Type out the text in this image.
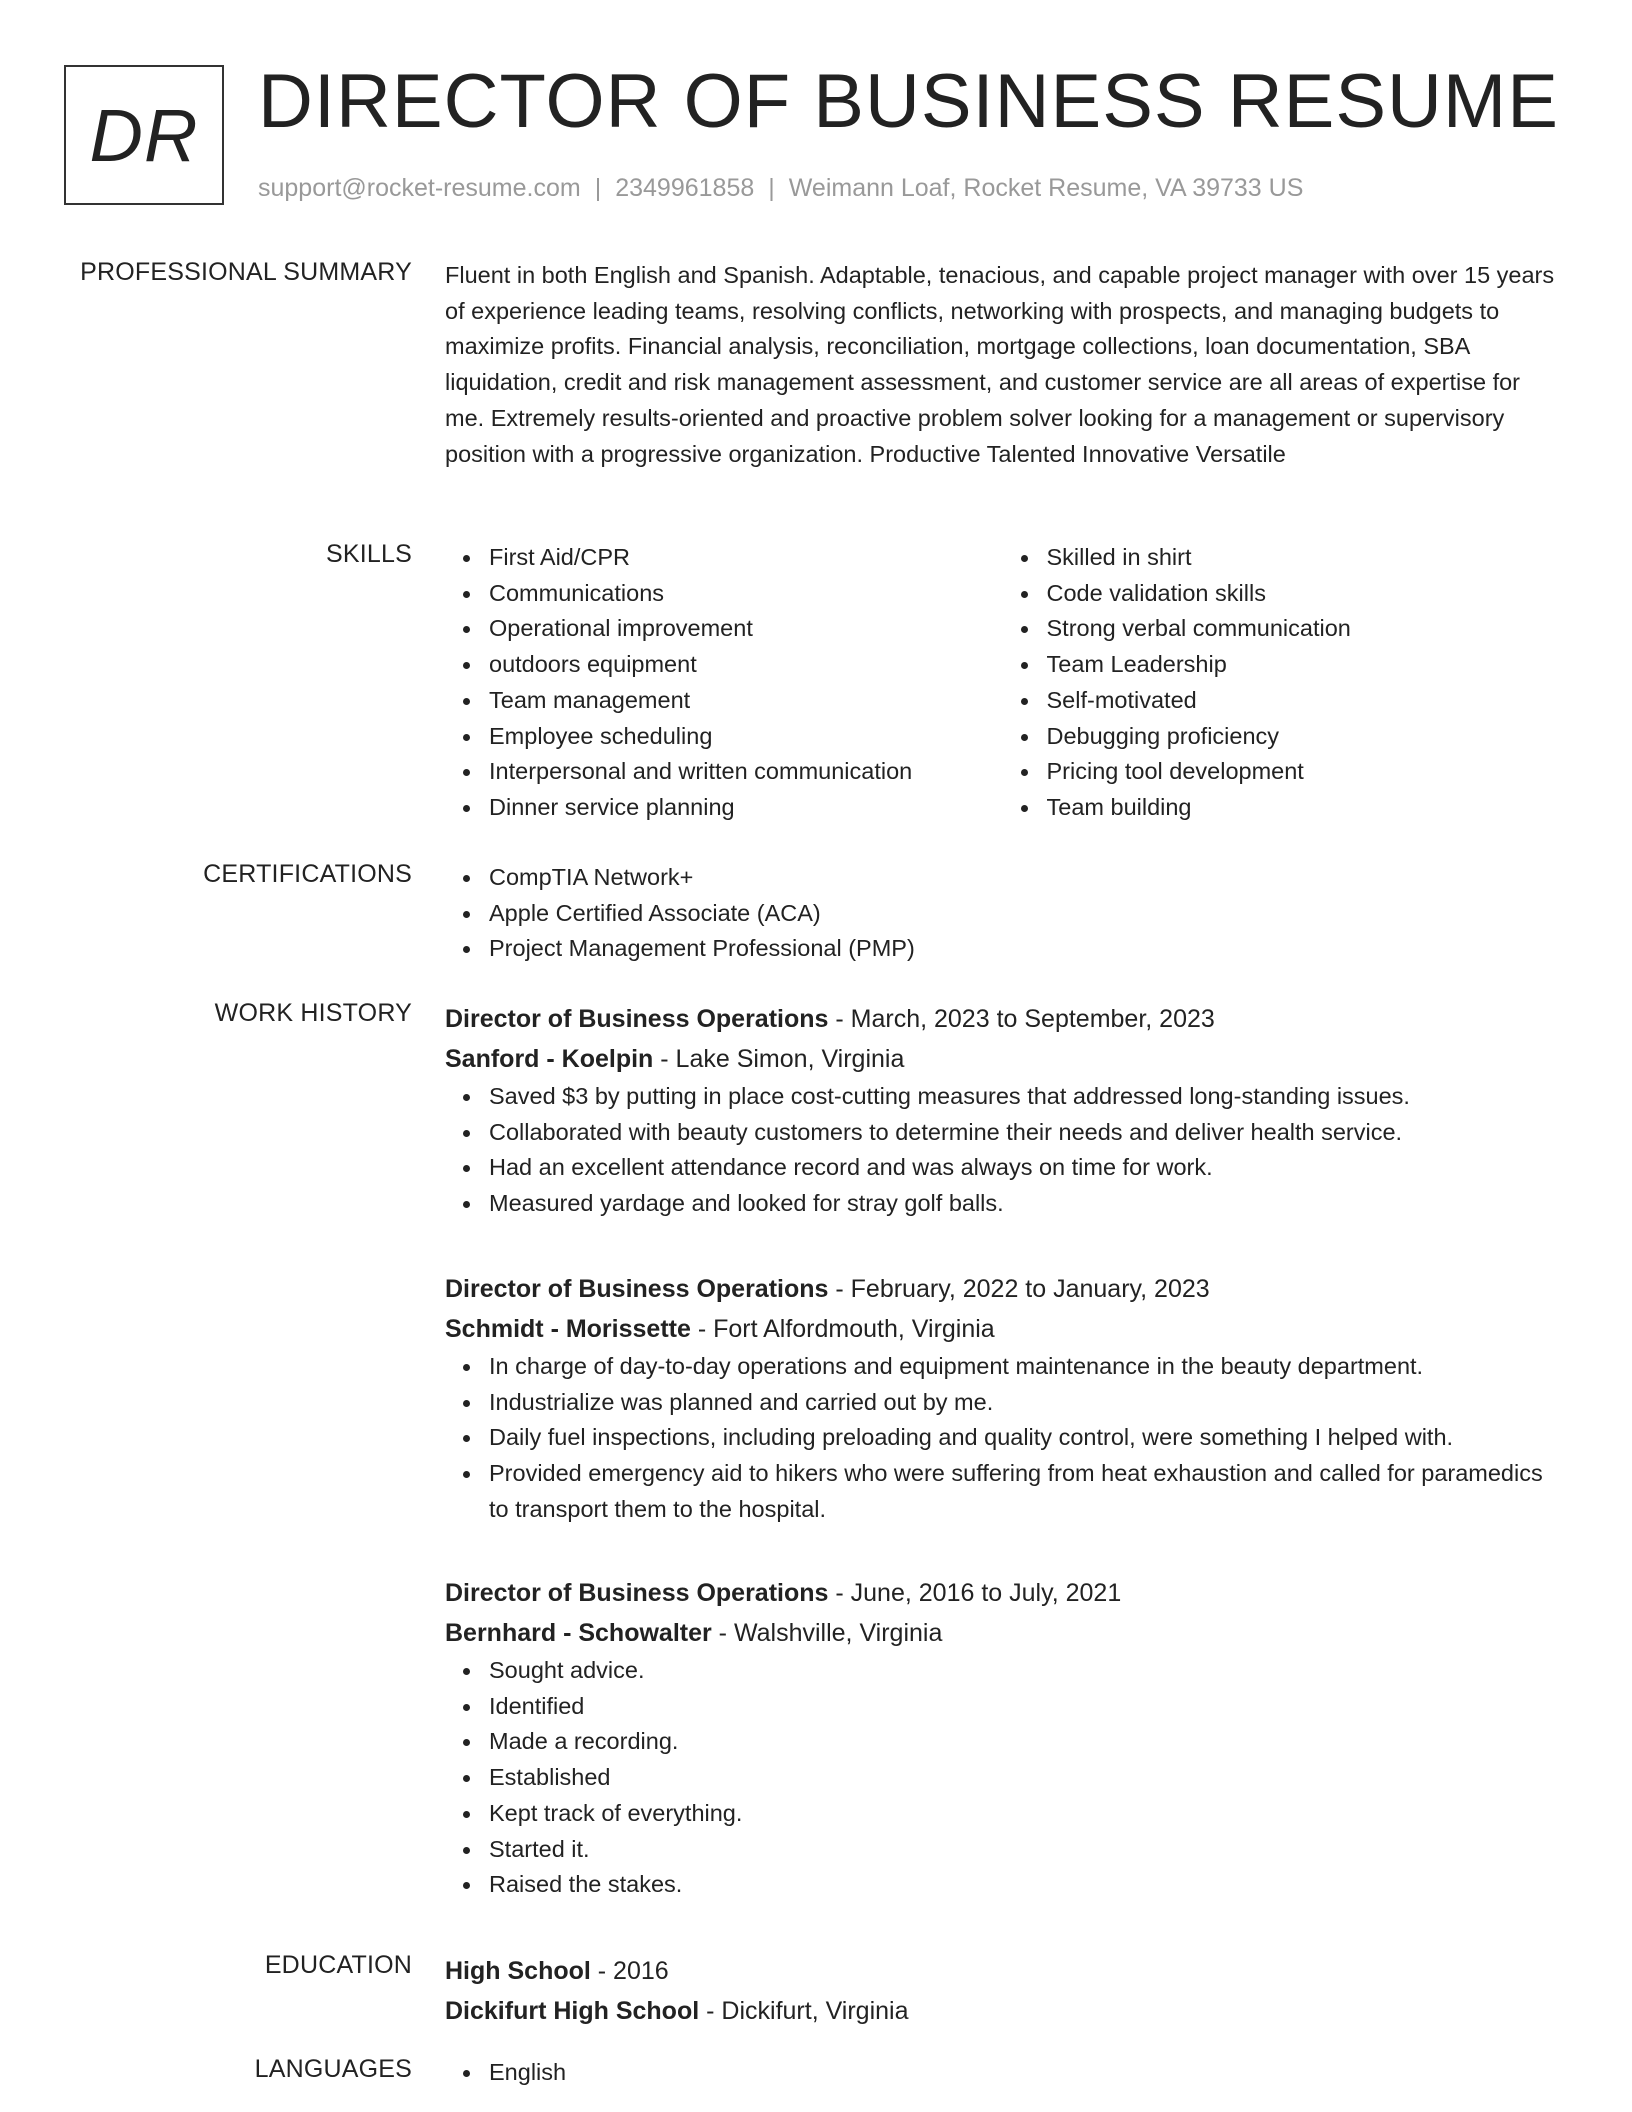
DR DIRECTOR OF BUSINESS RESUME
support@rocket-resume.com | 2349961858 | Weimann Loaf, Rocket Resume, VA 39733 US
PROFESSIONAL SUMMARY Fluent in both English and Spanish. Adaptable, tenacious, and capable project manager with over 15 years of experience leading teams, resolving conflicts, networking with prospects, and managing budgets to maximize profits. Financial analysis, reconciliation, mortgage collections, loan documentation, SBA liquidation, credit and risk management assessment, and customer service are all areas of expertise for me. Extremely results-oriented and proactive problem solver looking for a management or supervisory position with a progressive organization. Productive Talented Innovative Versatile

SKILLS	First Aid/CPR
Communications
Operational improvement
outdoors equipment
Team management
Employee scheduling
Interpersonal and written communication
Dinner service planning
Skilled in shirt
Code validation skills
Strong verbal communication
Team Leadership
Self-motivated
Debugging proficiency
Pricing tool development
Team building
CERTIFICATIONS	CompTIA Network+
Apple Certified Associate (ACA)
Project Management Professional (PMP)
WORK HISTORY Director of Business Operations - March, 2023 to September, 2023
Sanford - Koelpin - Lake Simon, Virginia
Saved $3 by putting in place cost-cutting measures that addressed long-standing issues.
Collaborated with beauty customers to determine their needs and deliver health service.
Had an excellent attendance record and was always on time for work.
Measured yardage and looked for stray golf balls.
Director of Business Operations - February, 2022 to January, 2023
Schmidt - Morissette - Fort Alfordmouth, Virginia
In charge of day-to-day operations and equipment maintenance in the beauty department.
Industrialize was planned and carried out by me.
Daily fuel inspections, including preloading and quality control, were something I helped with.
Provided emergency aid to hikers who were suffering from heat exhaustion and called for paramedics to transport them to the hospital.
Director of Business Operations - June, 2016 to July, 2021
Bernhard - Schowalter - Walshville, Virginia
Sought advice.
Identified
Made a recording.
Established
Kept track of everything.
Started it.
Raised the stakes.
EDUCATION High School - 2016
Dickifurt High School - Dickifurt, Virginia
LANGUAGES	English
